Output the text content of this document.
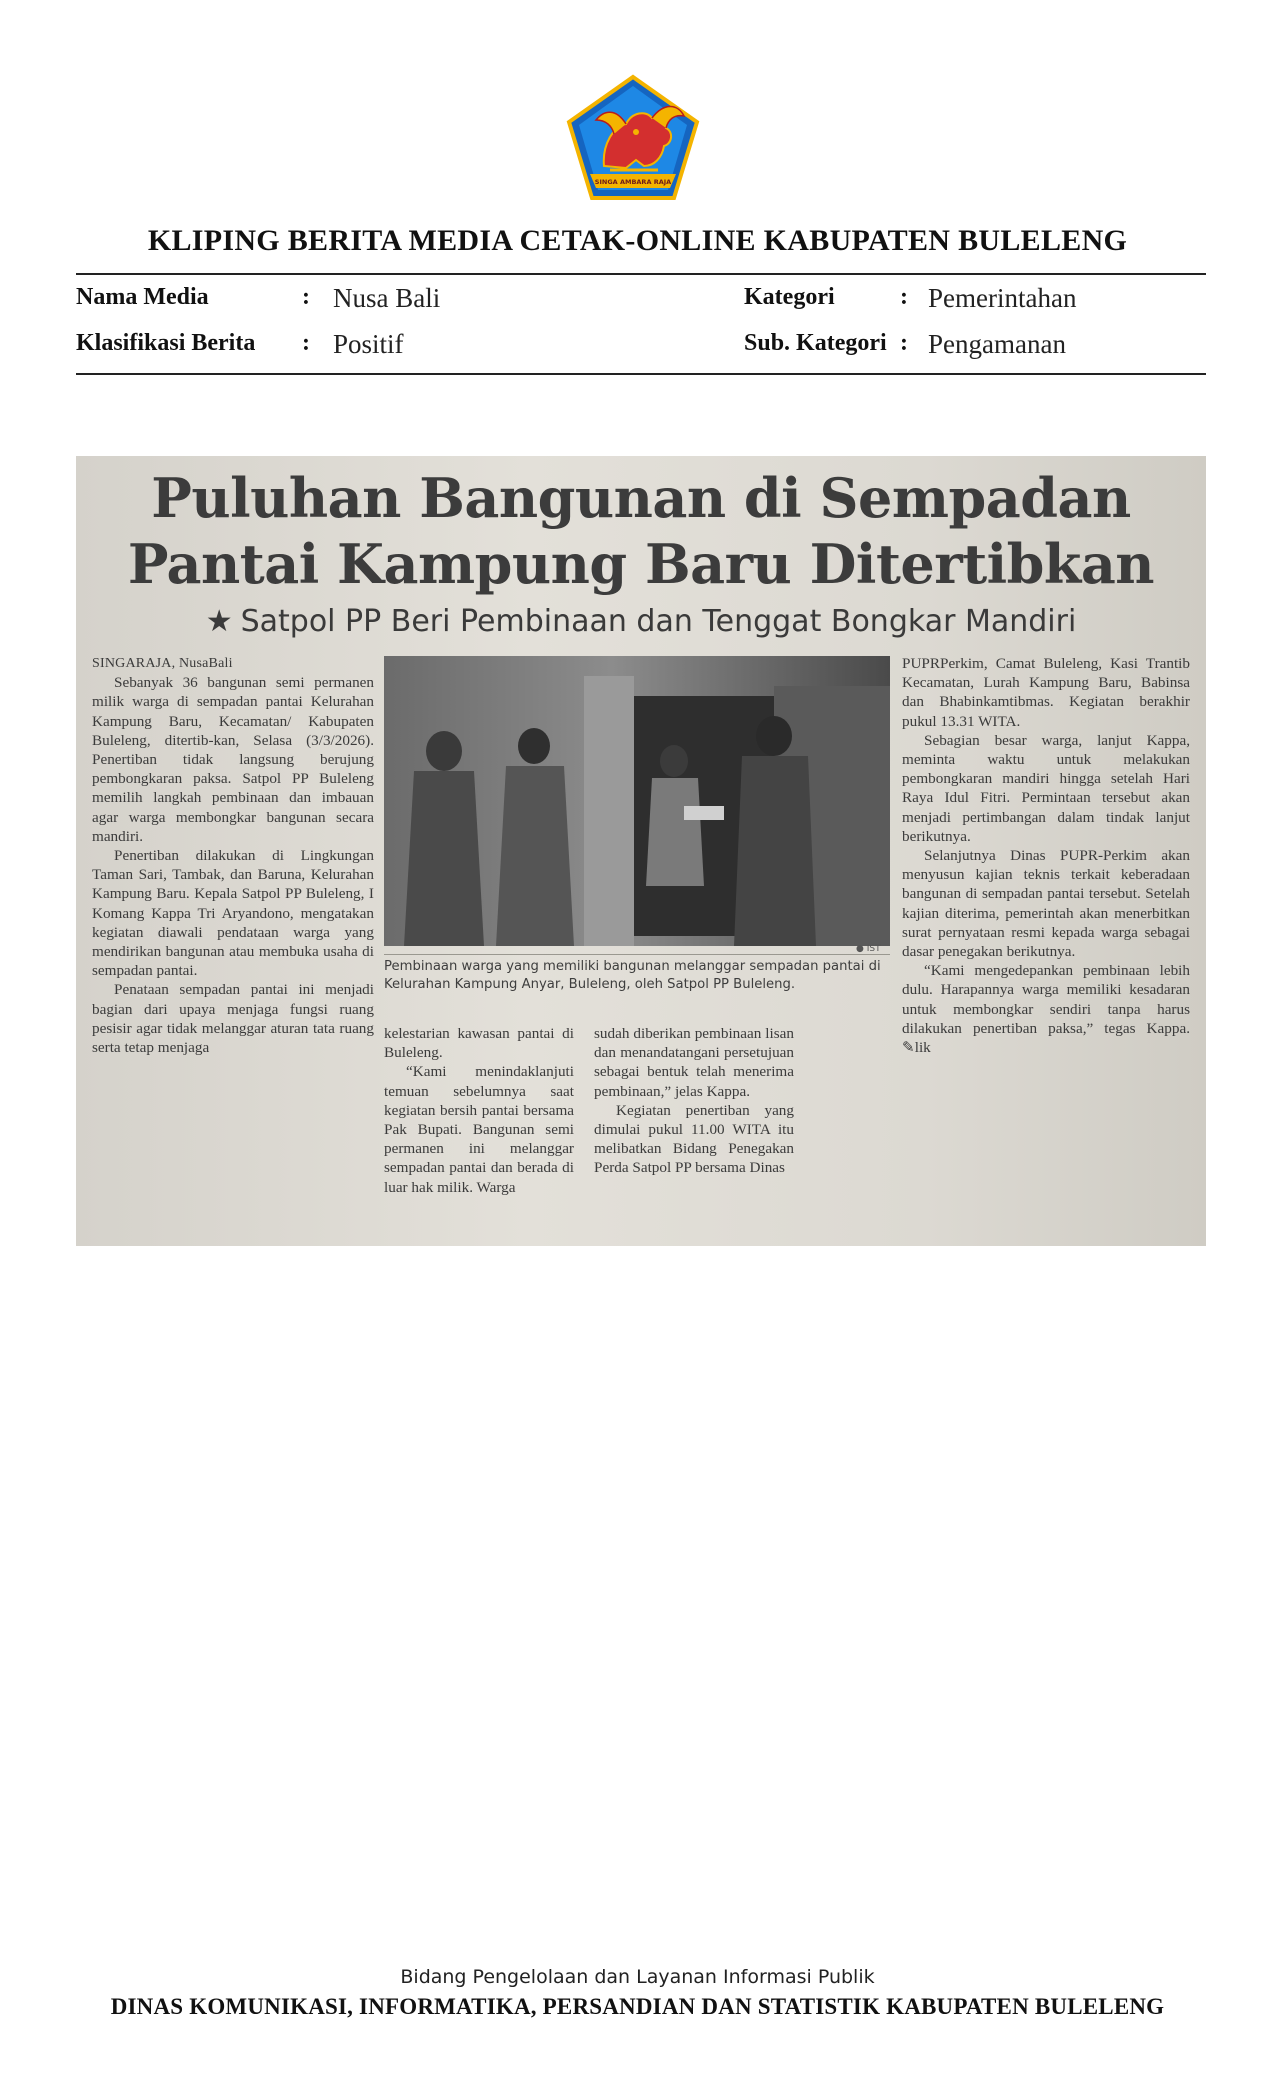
SINGA AMBARA RAJA
KLIPING BERITA MEDIA CETAK-ONLINE KABUPATEN BULELENG
Nama Media	: Nusa Bali
Klasifikasi Berita : Positif
Kategori	: Pemerintahan
Sub. Kategori : Pengamanan
Puluhan Bangunan di Sempadan
Pantai Kampung Baru Ditertibkan
★ Satpol PP Beri Pembinaan dan Tenggat Bongkar Mandiri

SINGARAJA, NusaBali

Sebanyak 36 bangunan semi permanen milik warga di sempadan pantai Kelurahan Kampung Baru, Kecamatan/ Kabupaten Buleleng, ditertib-kan, Selasa (3/3/2026). Penertiban tidak langsung berujung pembongkaran paksa. Satpol PP Buleleng memilih langkah pembinaan dan imbauan agar warga membongkar bangunan secara mandiri.

Penertiban dilakukan di Lingkungan Taman Sari, Tambak, dan Baruna, Kelurahan Kampung Baru. Kepala Satpol PP Buleleng, I Komang Kappa Tri Aryandono, mengatakan kegiatan diawali pendataan warga yang mendirikan bangunan atau membuka usaha di sempadan pantai.

Penataan sempadan pantai ini menjadi bagian dari upaya menjaga fungsi ruang pesisir agar tidak melanggar aturan tata ruang serta tetap menjaga

● IST
Pembinaan warga yang memiliki bangunan melanggar sempadan pantai di Kelurahan Kampung Anyar, Buleleng, oleh Satpol PP Buleleng.

kelestarian kawasan pantai di Buleleng.

“Kami menindaklanjuti temuan sebelumnya saat kegiatan bersih pantai bersama Pak Bupati. Bangunan semi permanen ini melanggar sempadan pantai dan berada di luar hak milik. Warga

sudah diberikan pembinaan lisan dan menandatangani persetujuan sebagai bentuk telah menerima pembinaan,” jelas Kappa.

Kegiatan penertiban yang dimulai pukul 11.00 WITA itu melibatkan Bidang Penegakan Perda Satpol PP bersama Dinas

PUPRPerkim, Camat Buleleng, Kasi Trantib Kecamatan, Lurah Kampung Baru, Babinsa dan Bhabinkamtibmas. Kegiatan berakhir pukul 13.31 WITA.

Sebagian besar warga, lanjut Kappa, meminta waktu untuk melakukan pembongkaran mandiri hingga setelah Hari Raya Idul Fitri. Permintaan tersebut akan menjadi pertimbangan dalam tindak lanjut berikutnya.

Selanjutnya Dinas PUPR-Perkim akan menyusun kajian teknis terkait keberadaan bangunan di sempadan pantai tersebut. Setelah kajian diterima, pemerintah akan menerbitkan surat pernyataan resmi kepada warga sebagai dasar penegakan berikutnya.

“Kami mengedepankan pembinaan lebih dulu. Harapannya warga memiliki kesadaran untuk membongkar sendiri tanpa harus dilakukan penertiban paksa,” tegas Kappa. ✎lik

Bidang Pengelolaan dan Layanan Informasi Publik
DINAS KOMUNIKASI, INFORMATIKA, PERSANDIAN DAN STATISTIK KABUPATEN BULELENG
